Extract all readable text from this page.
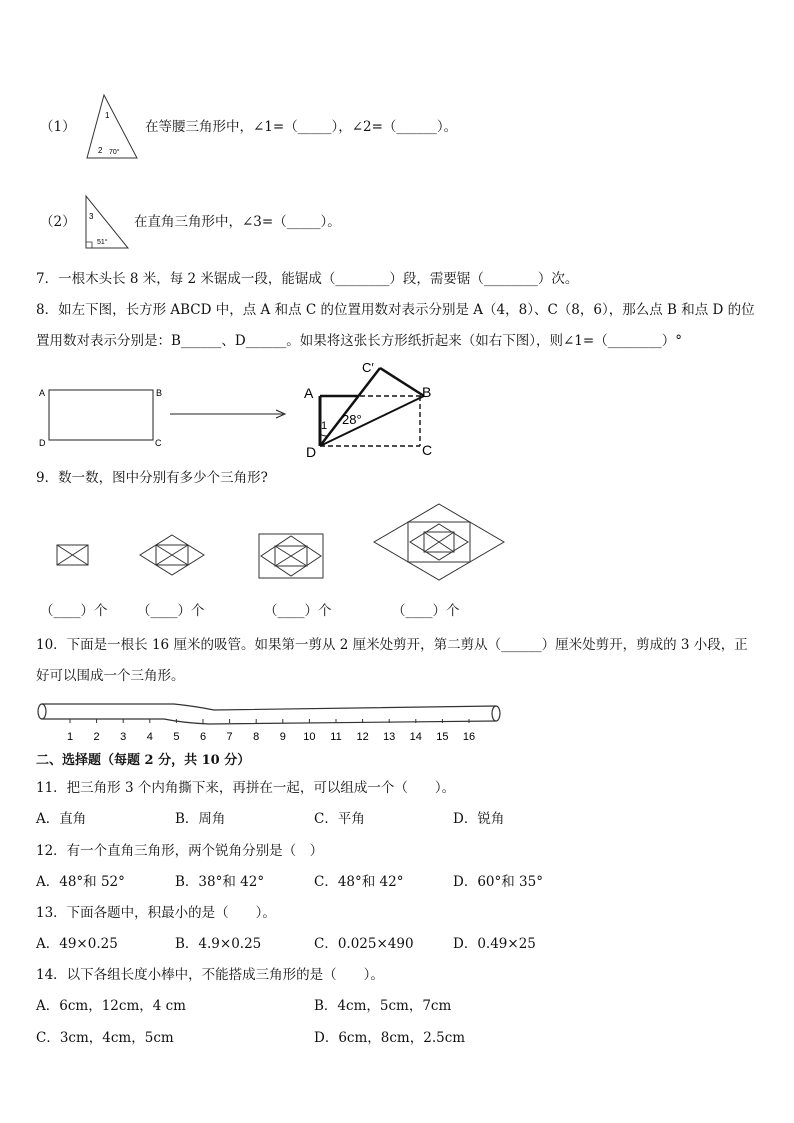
（1）
1
2 70°
在等腰三角形中，∠1=（_____），∠2=（______）。
（2） 3
51°
在直角三角形中，∠3=（_____）。
7．一根木头长 8 米，每 2 米锯成一段，能锯成（________）段，需要锯（________）次。
8．如左下图，长方形 ABCD 中，点 A 和点 C 的位置用数对表示分别是 A（4，8）、C（8，6），那么点 B 和点 D 的位
置用数对表示分别是：B______、D______。如果将这张长方形纸折起来（如右下图），则∠1=（________）°
A	B
C
D
A	B
C
D
C′
1 28°
9．数一数，图中分别有多少个三角形?
（____）个 （____）个	（____）个	（____）个
10．下面是一根长 16 厘米的吸管。如果第一剪从 2 厘米处剪开，第二剪从（______）厘米处剪开，剪成的 3 小段，正
好可以围成一个三角形。
1 2 3 4 5 6 7 8 9 10 11 12 13 14 15 16
二、选择题（每题 2 分，共 10 分）
11．把三角形 3 个内角撕下来，再拼在一起，可以组成一个（　　）。
A．直角	B．周角	C．平角	D．锐角
12．有一个直角三角形，两个锐角分别是（　）
A．48°和 52°	B．38°和 42°	C．48°和 42°	D．60°和 35°
13．下面各题中，积最小的是（　　）。
A．49×0.25	B．4.9×0.25	C．0.025×490	D．0.49×25
14．以下各组长度小棒中，不能搭成三角形的是（　　）。
A．6cm，12cm，4 cm	B．4cm，5cm，7cm
C．3cm，4cm，5cm	D．6cm，8cm，2.5cm
